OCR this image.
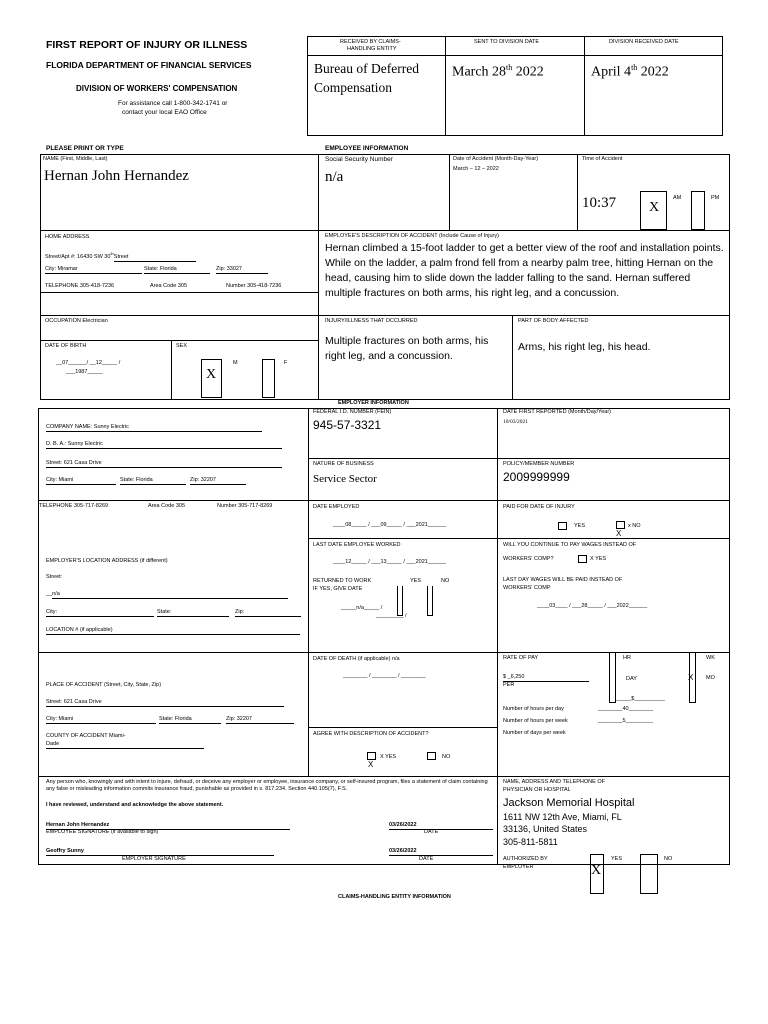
FIRST REPORT OF INJURY OR ILLNESS
FLORIDA DEPARTMENT OF FINANCIAL SERVICES
DIVISION OF WORKERS' COMPENSATION
For assistance call 1-800-342-1741 or
contact your local EAO Office
RECEIVED BY CLAIMS-
HANDLING ENTITY
SENT TO DIVISION DATE	DIVISION RECEIVED DATE
Bureau of Deferred
Compensation
March 28th 2022	April 4th 2022
PLEASE PRINT OR TYPE	EMPLOYEE INFORMATION
NAME (First, Middle, Last)
Hernan John Hernandez
Social Security Number
n/a
Date of Accident (Month-Day-Year)
March – 12 – 2022
Time of Accident
10:37 X
AM	PM
HOME ADDRESS
Street/Apt #: 16430 SW 30thStreet
City: Miramar	State: Florida	Zip: 33027
TELEPHONE 305-418-7236	Area Code 305	Number 305-418-7236
EMPLOYEE'S DESCRIPTION OF ACCIDENT (Include Cause of Injury)
Hernan climbed a 15-foot ladder to get a better view of the roof and installation points. While on the ladder, a palm frond fell from a nearby palm tree, hitting Hernan on the head, causing him to slide down the ladder falling to the sand. Hernan suffered multiple fractures on both arms, his right leg, and a concussion.
OCCUPATION Electrician	INJURY/ILLNESS THAT OCCURRED
Multiple fractures on both arms, his right leg, and a concussion.
PART OF BODY AFFECTED
Arms, his right leg, his head.
DATE OF BIRTH
__07______/ __12_____ /
___1987_____
SEX
X
M	F
EMPLOYER INFORMATION
COMPANY NAME: Sunny Electric
D. B. A.: Sunny Electric
Street: 621 Casa Drive
City: Miami	State: Florida	Zip: 32207
TELEPHONE 305-717-8269	Area Code 305	Number 305-717-8269
FEDERAL I.D. NUMBER (FEIN)
945-57-3321
DATE FIRST REPORTED (Month/Day/Year)
10/03/2021
NATURE OF BUSINESS
Service Sector
POLICY/MEMBER NUMBER
2009999999
DATE EMPLOYED
____08_____ / ___09_____ / ___2021______
PAID FOR DATE OF INJURY
YES	x NO
X
EMPLOYER'S LOCATION ADDRESS (if different)
Street:
__n/a
City:	State:	Zip:
LOCATION # (if applicable)
LAST DATE EMPLOYEE WORKED
____12_____ / ___13_____ / ___2021______
RETURNED TO WORK	YES	NO
IF YES, GIVE DATE
_____n/a_____ /
_________ /
WILL YOU CONTINUE TO PAY WAGES INSTEAD OF
WORKERS' COMP?	X YES
LAST DAY WAGES WILL BE PAID INSTEAD OF
WORKERS' COMP
____03____ / ___28_____ / ___2022______
PLACE OF ACCIDENT (Street, City, State, Zip)
Street: 621 Casa Drive
City: Miami	State: Florida	Zip: 32207
COUNTY OF ACCIDENT Miami-
Dade
DATE OF DEATH (if applicable) n/a
________ / ________ / ________
AGREE WITH DESCRIPTION OF ACCIDENT?
X YES
X
NO
RATE OF PAY	HR	WK
DAY	X MO
$ _6,250
PER
_____$__________
Number of hours per day	________40________
Number of hours per week	________5_________
Number of days per week
Any person who, knowingly and with intent to injure, defraud, or deceive any employer or employee, insurance company, or self-insured program, files a statement of claim containing any false or misleading information commits insurance fraud, punishable as provided in s. 817.234. Section 440.105(7), F.S.
I have reviewed, understand and acknowledge the above statement.
Hernan John Hernandez
EMPLOYEE SIGNATURE (if available to sign)
03/26/2022
DATE
Geoffry Sunny
EMPLOYER SIGNATURE
03/26/2022
DATE
NAME, ADDRESS AND TELEPHONE OF
PHYSICIAN OR HOSPITAL
Jackson Memorial Hospital
1611 NW 12th Ave, Miami, FL
33136, United States
305-811-5811
AUTHORIZED BY
EMPLOYER	X
YES	NO
CLAIMS-HANDLING ENTITY INFORMATION
